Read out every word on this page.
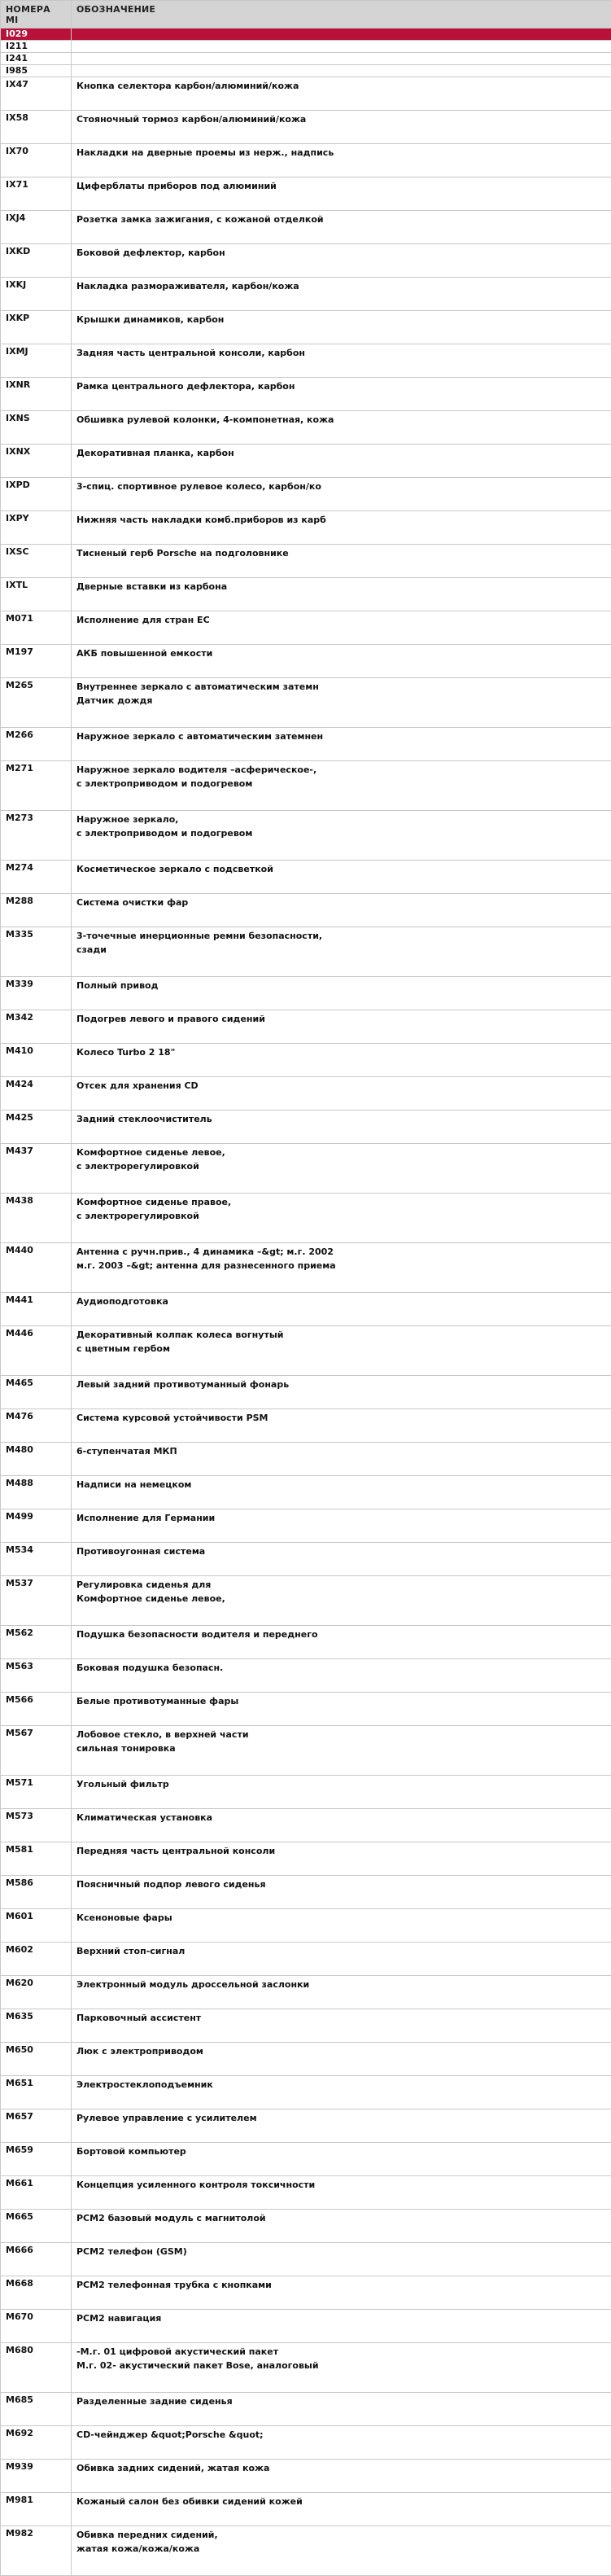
НОМЕРА MI	ОБОЗНАЧЕНИЕ
I029	
I211	
I241	
I985	
IX47	Кнопка селектора карбон/алюминий/кожа

IX58	Стояночный тормоз карбон/алюминий/кожа

IX70	Накладки на дверные проемы из нерж., надпись

IX71	Циферблаты приборов под алюминий

IXJ4	Розетка замка зажигания, с кожаной отделкой

IXKD	Боковой дефлектор, карбон

IXKJ	Накладка размораживателя, карбон/кожа

IXKP	Крышки динамиков, карбон

IXMJ	Задняя часть центральной консоли, карбон

IXNR	Рамка центрального дефлектора, карбон

IXNS	Обшивка рулевой колонки, 4-компонетная, кожа

IXNX	Декоративная планка, карбон

IXPD	3-спиц. спортивное рулевое колесо, карбон/ко

IXPY	Нижняя часть накладки комб.приборов из карб

IXSC	Тисненый герб Porsche на подголовнике

IXTL	Дверные вставки из карбона

M071	Исполнение для стран ЕС

M197	АКБ повышенной емкости

M265	Внутреннее зеркало с автоматическим затемн
Датчик дождя

M266	Наружное зеркало с автоматическим затемнен

M271	Наружное зеркало водителя –асферическое-,
с электроприводом и подогревом

M273	Наружное зеркало,
с электроприводом и подогревом

M274	Косметическое зеркало с подсветкой

M288	Система очистки фар

M335	3-точечные инерционные ремни безопасности,
сзади

M339	Полный привод

M342	Подогрев левого и правого сидений

M410	Колесо Turbo 2 18"

M424	Отсек для хранения CD

M425	Задний стеклоочиститель

M437	Комфортное сиденье левое,
с электрорегулировкой

M438	Комфортное сиденье правое,
с электрорегулировкой

M440	Антенна с ручн.прив., 4 динамика –&gt; м.г. 2002
м.г. 2003 –&gt; антенна для разнесенного приема

M441	Аудиоподготовка

M446	Декоративный колпак колеса вогнутый
с цветным гербом

M465	Левый задний противотуманный фонарь

M476	Система курсовой устойчивости PSM

M480	6-ступенчатая МКП

M488	Надписи на немецком

M499	Исполнение для Германии

M534	Противоугонная система

M537	Регулировка сиденья для
Комфортное сиденье левое,

M562	Подушка безопасности водителя и переднего

M563	Боковая подушка безопасн.

M566	Белые противотуманные фары

M567	Лобовое стекло, в верхней части
сильная тонировка

M571	Угольный фильтр

M573	Климатическая установка

M581	Передняя часть центральной консоли

M586	Поясничный подпор левого сиденья

M601	Ксеноновые фары

M602	Верхний стоп-сигнал

M620	Электронный модуль дроссельной заслонки

M635	Парковочный ассистент

M650	Люк с электроприводом

M651	Электростеклоподъемник

M657	Рулевое управление с усилителем

M659	Бортовой компьютер

M661	Концепция усиленного контроля токсичности

M665	PCM2 базовый модуль с магнитолой

M666	PCM2 телефон (GSM)

M668	PCM2 телефонная трубка с кнопками

M670	PCM2 навигация

M680	-M.г. 01 цифровой акустический пакет
M.г. 02- акустический пакет Bose, аналоговый

M685	Разделенные задние сиденья

M692	CD-чейнджер &quot;Porsche &quot;

M939	Обивка задних сидений, жатая кожа

M981	Кожаный салон без обивки сидений кожей

M982	Обивка передних сидений,
жатая кожа/кожа/кожа
